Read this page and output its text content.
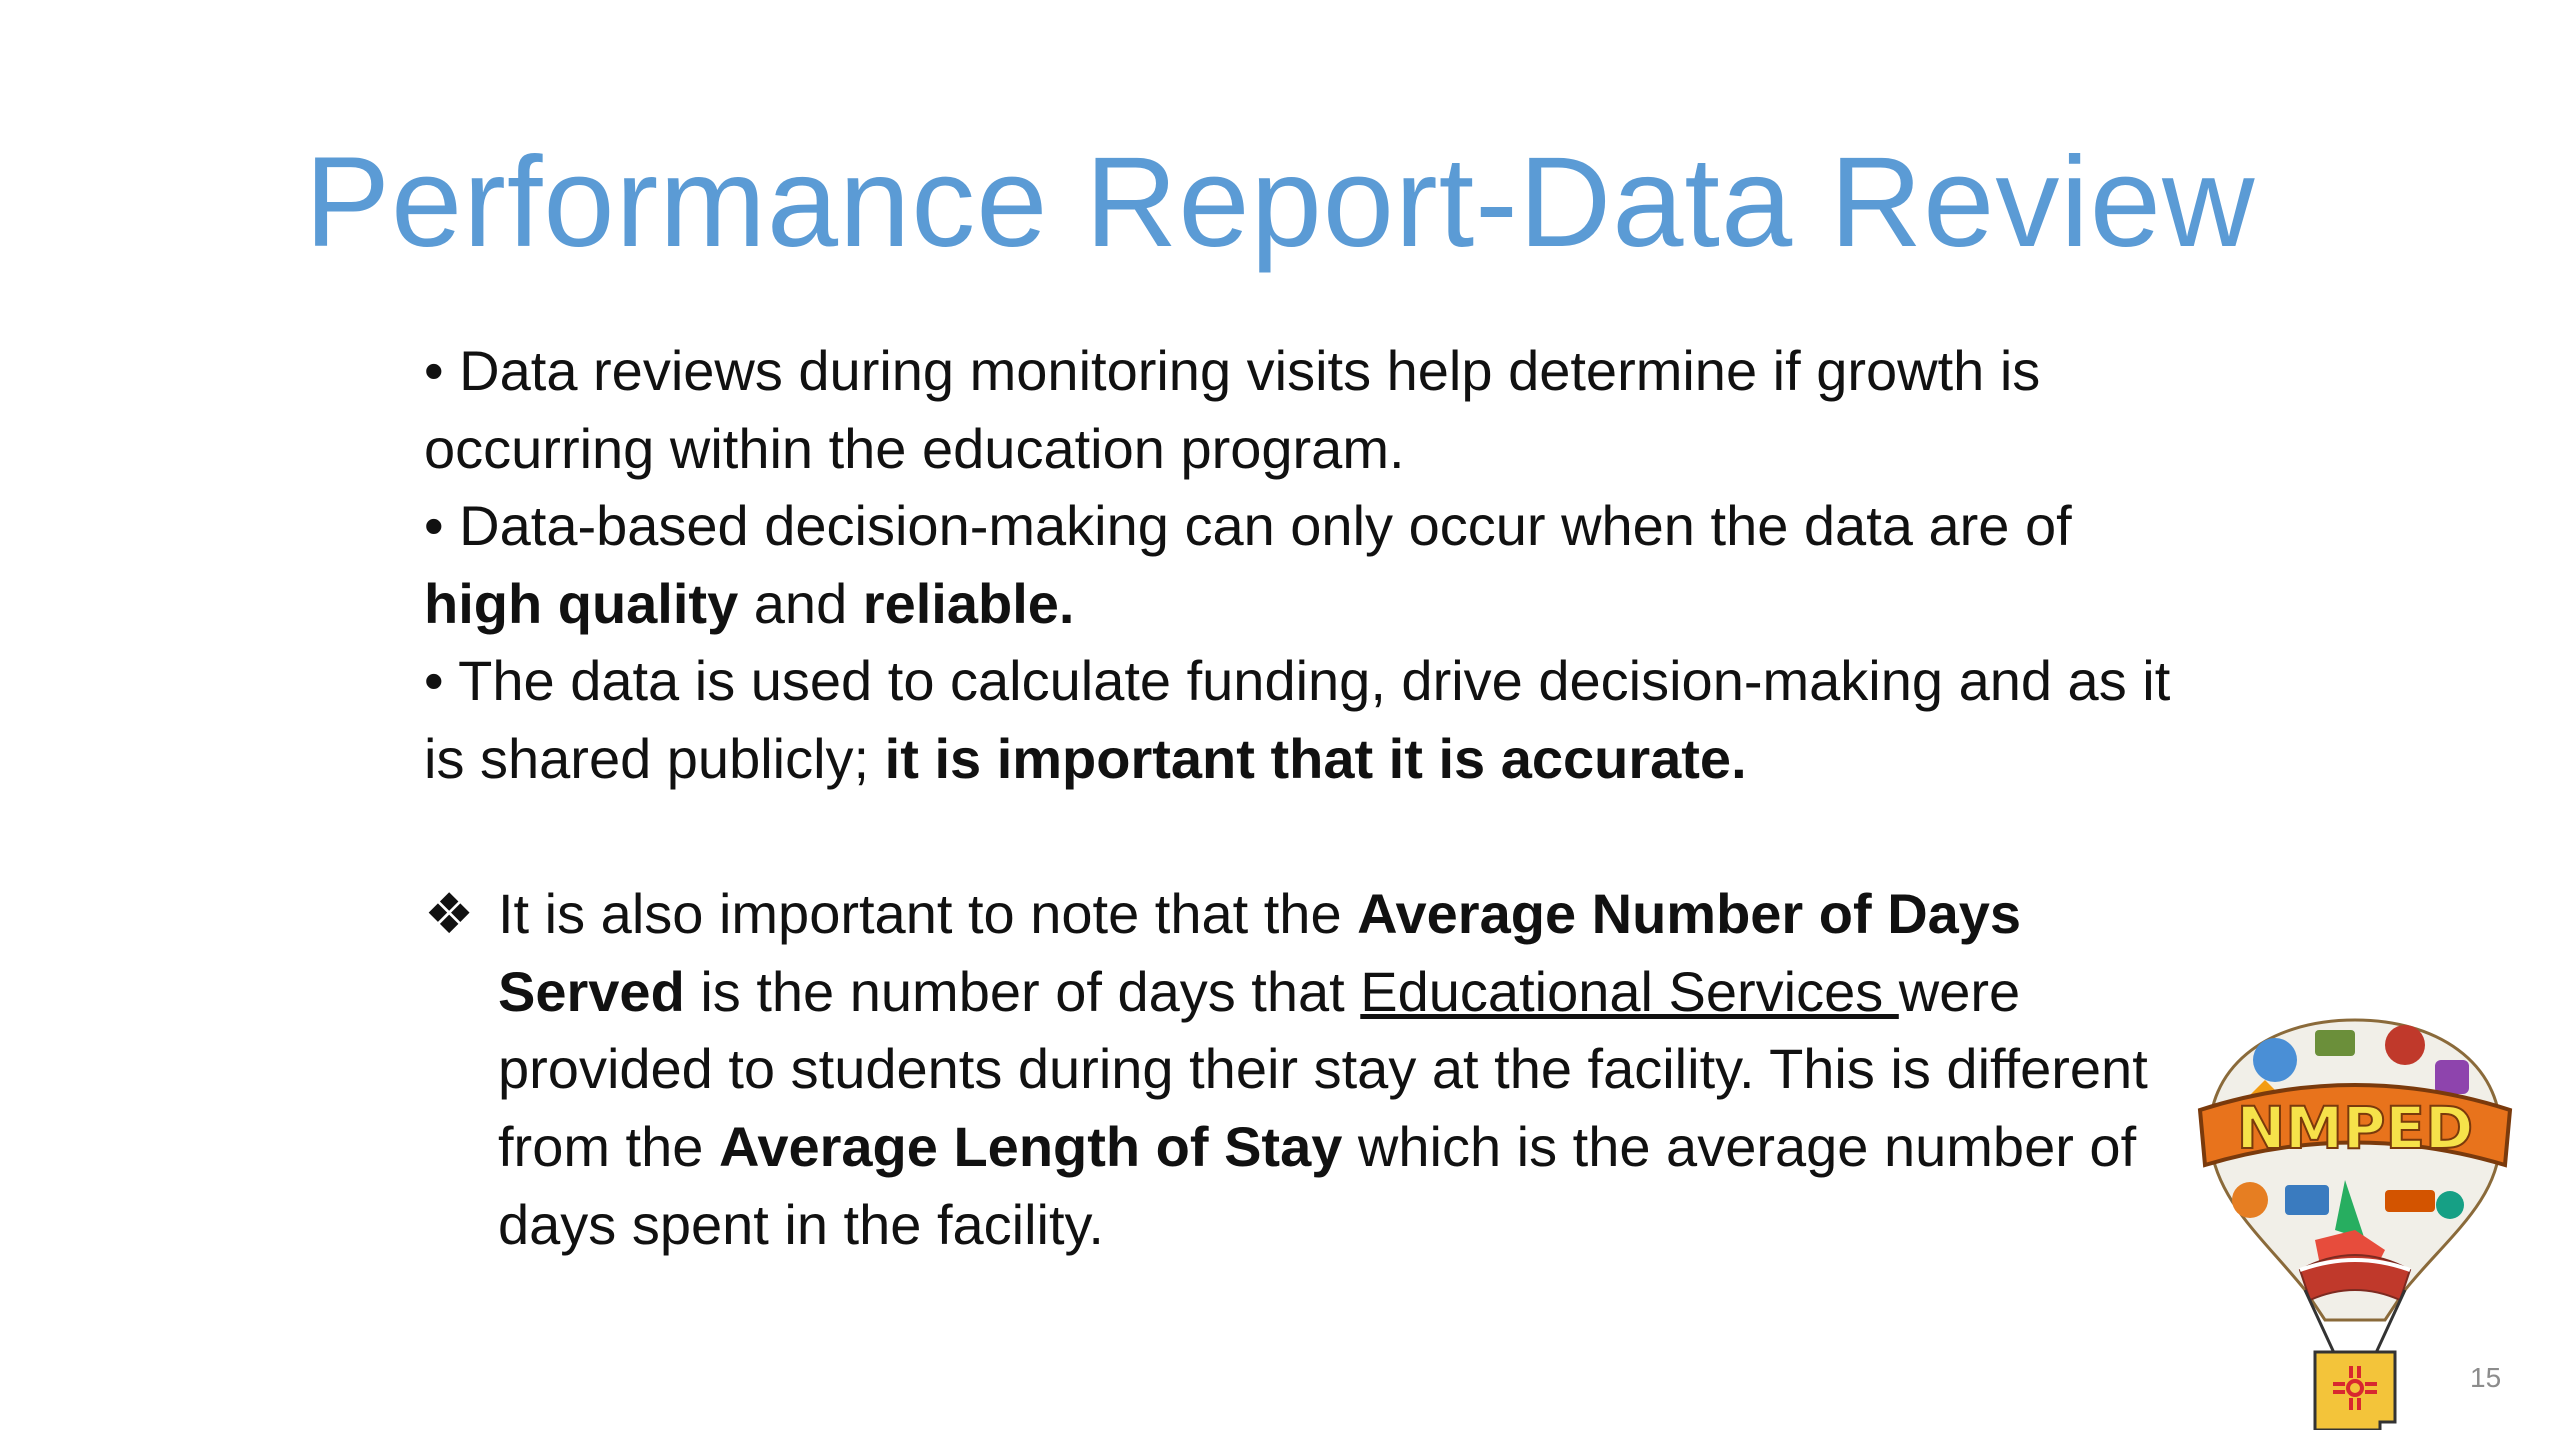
Performance Report-Data Review

• Data reviews during monitoring visits help determine if growth is occurring within the education program.

• Data-based decision-making can only occur when the data are of high quality and reliable.

• The data is used to calculate funding, drive decision-making and as it is shared publicly; it is important that it is accurate.

❖ It is also important to note that the Average Number of Days Served is the number of days that Educational Services were provided to students during their stay at the facility. This is different from the Average Length of Stay which is the average number of days spent in the facility.

NMPED
15
